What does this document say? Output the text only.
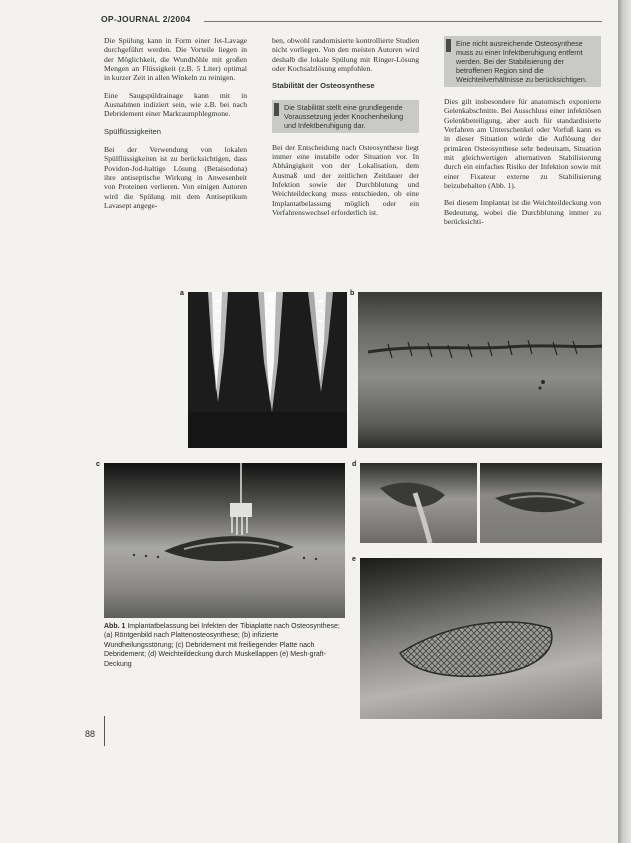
OP-JOURNAL 2/2004

Die Spülung kann in Form einer Jet-Lavage durchgeführt werden. Die Vorteile liegen in der Möglichkeit, die Wundhöhle mit großen Mengen an Flüssigkeit (z.B. 5 Liter) optimal in kurzer Zeit in allen Winkeln zu reinigen.

Eine Saugspüldrainage kann mit in Ausnahmen indiziert sein, wie z.B. bei nach Debridement einer Markraumphlegmone.

Spülflüssigkeiten

Bei der Verwendung von lokalen Spülflüssigkeiten ist zu berücksichtigen, dass Povidon-Jod-haltige Lösung (Betaisodona) ihre antiseptische Wirkung in Anwesenheit von Proteinen verlieren. Von einigen Autoren wird die Spülung mit dem Antiseptikum Lavasept angege-

ben, obwohl randomisierte kontrollierte Studien nicht vorliegen. Von den meisten Autoren wird deshalb die lokale Spülung mit Ringer-Lösung oder Kochsalzlösung empfohlen.

Stabilität der Osteosynthese
Die Stabilität stellt eine grundlegende Voraussetzung jeder Knochenheilung und Infektberuhigung dar.

Bei der Entscheidung nach Osteosynthese liegt immer eine instabile oder Situation vor. In Abhängigkeit von der Lokalisation, dem Ausmaß und der zeitlichen Zeitdauer der Infektion sowie der Durchblutung und Weichteildeckung muss entschieden, ob eine Implantatbelassung möglich oder ein Verfahrenswechsel erforderlich ist.

Eine nicht ausreichende Osteosynthese muss zu einer Infektberuhigung entfernt werden. Bei der Stabilisierung der betroffenen Region sind die Weichteilverhältnisse zu berücksichtigen.

Dies gilt insbesondere für anatomisch exponierte Gelenkabschnitte. Bei Ausschluss einer infektiösen Gelenkbeteiligung, aber auch für standardisierte Verfahren am Unterschenkel oder Vorfuß kann es in dieser Situation würde die Auflösung der primären Osteosynthese sehr bedeutsam, Situation mit gleichwertigen alternativen Stabilisierung durch ein einfaches Risiko der Infektion sowie mit einer Fixateur externe zu Stabilisierung beizubehalten (Abb. 1).

Bei diesem Implantat ist die Weichteildeckung von Bedeutung, wobei die Durchblutung immer zu berücksichti-

a	b
c	d
e
Abb. 1 Implantatbelassung bei Infekten der Tibiaplatte nach Osteosynthese; (a) Röntgenbild nach Plattenosteosynthese; (b) infizierte Wundheilungsstörung; (c) Debridement mit freiliegender Platte nach Debridement; (d) Weichteildeckung durch Muskellappen (e) Mesh-graft-Deckung
88
